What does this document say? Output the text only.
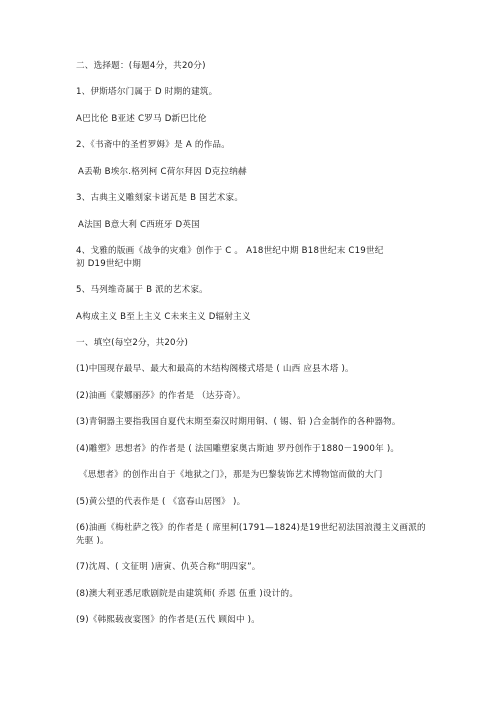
二、选择题：(每题4分，共20分)
1、伊斯塔尔门属于 D 时期的建筑。
A巴比伦 B亚述 C罗马 D新巴比伦
2、《书斋中的圣哲罗姆》是 A 的作品。
A丢勒 B埃尔.格列柯 C荷尔拜因 D克拉纳赫
3、古典主义雕刻家卡诺瓦是 B 国艺术家。
A法国 B意大利 C西班牙 D英国
4、戈雅的版画《战争的灾难》创作于 C 。 A18世纪中期 B18世纪末 C19世纪
初 D19世纪中期
5、马列维奇属于 B 派的艺术家。
A构成主义 B至上主义 C未来主义 D辐射主义
一、填空(每空2分，共20分)
(1)中国现存最早、最大和最高的木结构阁楼式塔是 ( 山西 应县木塔 )。
(2)油画《蒙娜丽莎》的作者是 （达芬奇）。
(3)青铜器主要指我国自夏代末期至秦汉时期用铜、( 锡、铅 )合金制作的各种器物。
(4)雕塑》思想者》的作者是 ( 法国雕塑家奥古斯迪 罗丹创作于1880－1900年 )。
《思想者》的创作出自于《地狱之门》，那是为巴黎装饰艺术博物馆而做的大门
(5)黄公望的代表作是 ( 《富春山居图》 )。
(6)油画《梅杜萨之筏》的作者是 ( 席里柯(1791—1824)是19世纪初法国浪漫主义画派的
先驱 )。
(7)沈周、( 文征明 )唐寅、仇英合称“明四家”。
(8)澳大利亚悉尼歌剧院是由建筑师( 乔恩 伍重 )设计的。
(9)《韩熙载夜宴图》的作者是(五代 顾闳中 )。
